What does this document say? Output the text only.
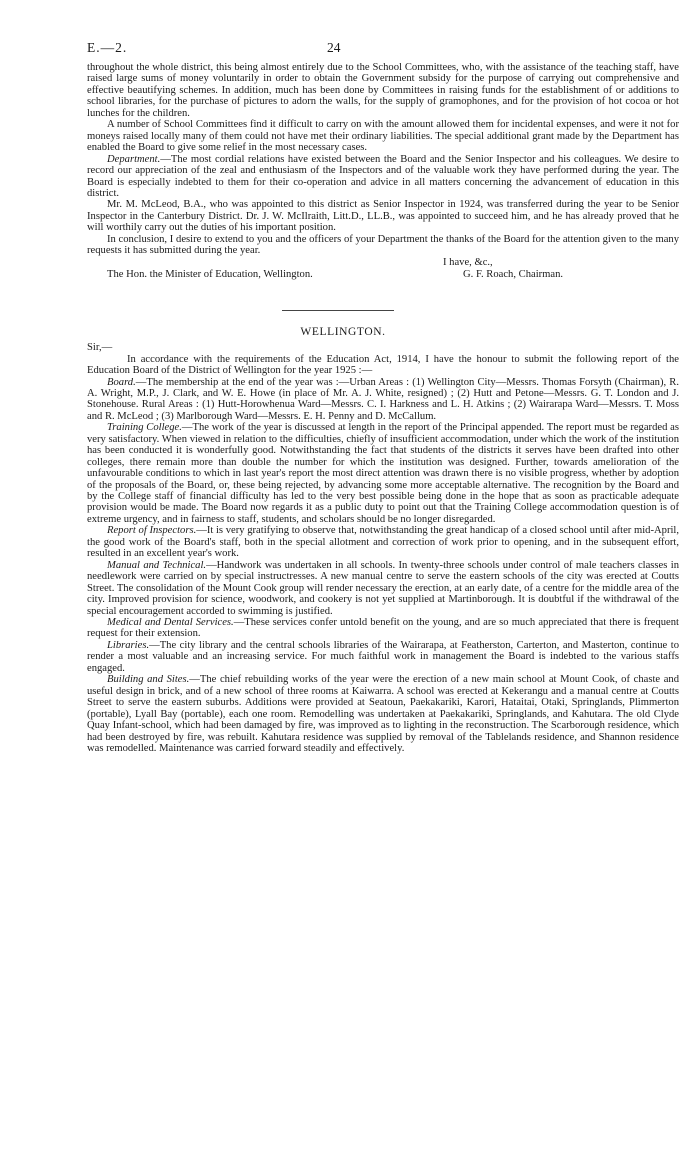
E.—2.	24

throughout the whole district, this being almost entirely due to the School Committees, who, with the assistance of the teaching staff, have raised large sums of money voluntarily in order to obtain the Government subsidy for the purpose of carrying out comprehensive and effective beautifying schemes. In addition, much has been done by Committees in raising funds for the establishment of or additions to school libraries, for the purchase of pictures to adorn the walls, for the supply of gramophones, and for the provision of hot cocoa or hot lunches for the children.

A number of School Committees find it difficult to carry on with the amount allowed them for incidental expenses, and were it not for moneys raised locally many of them could not have met their ordinary liabilities. The special additional grant made by the Department has enabled the Board to give some relief in the most necessary cases.

Department.—The most cordial relations have existed between the Board and the Senior Inspector and his colleagues. We desire to record our appreciation of the zeal and enthusiasm of the Inspectors and of the valuable work they have performed during the year. The Board is especially indebted to them for their co-operation and advice in all matters concerning the advancement of education in this district.

Mr. M. McLeod, B.A., who was appointed to this district as Senior Inspector in 1924, was transferred during the year to be Senior Inspector in the Canterbury District. Dr. J. W. McIlraith, Litt.D., LL.B., was appointed to succeed him, and he has already proved that he will worthily carry out the duties of his important position.

In conclusion, I desire to extend to you and the officers of your Department the thanks of the Board for the attention given to the many requests it has submitted during the year.

I have, &c.,
The Hon. the Minister of Education, Wellington.	G. F. Roach, Chairman.
WELLINGTON.
Sir,—

In accordance with the requirements of the Education Act, 1914, I have the honour to submit the following report of the Education Board of the District of Wellington for the year 1925 :—

Board.—The membership at the end of the year was :—Urban Areas : (1) Wellington City—Messrs. Thomas Forsyth (Chairman), R. A. Wright, M.P., J. Clark, and W. E. Howe (in place of Mr. A. J. White, resigned) ; (2) Hutt and Petone—Messrs. G. T. London and J. Stonehouse. Rural Areas : (1) Hutt-Horowhenua Ward—Messrs. C. I. Harkness and L. H. Atkins ; (2) Wairarapa Ward—Messrs. T. Moss and R. McLeod ; (3) Marlborough Ward—Messrs. E. H. Penny and D. McCallum.

Training College.—The work of the year is discussed at length in the report of the Principal appended. The report must be regarded as very satisfactory. When viewed in relation to the difficulties, chiefly of insufficient accommodation, under which the work of the institution has been conducted it is wonderfully good. Notwithstanding the fact that students of the districts it serves have been drafted into other colleges, there remain more than double the number for which the institution was designed. Further, towards amelioration of the unfavourable conditions to which in last year's report the most direct attention was drawn there is no visible progress, whether by adoption of the proposals of the Board, or, these being rejected, by advancing some more acceptable alternative. The recognition by the Board and by the College staff of financial difficulty has led to the very best possible being done in the hope that as soon as practicable adequate provision would be made. The Board now regards it as a public duty to point out that the Training College accommodation question is of extreme urgency, and in fairness to staff, students, and scholars should be no longer disregarded.

Report of Inspectors.—It is very gratifying to observe that, notwithstanding the great handicap of a closed school until after mid-April, the good work of the Board's staff, both in the special allotment and correction of work prior to opening, and in the subsequent effort, resulted in an excellent year's work.

Manual and Technical.—Handwork was undertaken in all schools. In twenty-three schools under control of male teachers classes in needlework were carried on by special instructresses. A new manual centre to serve the eastern schools of the city was erected at Coutts Street. The consolidation of the Mount Cook group will render necessary the erection, at an early date, of a centre for the middle area of the city. Improved provision for science, woodwork, and cookery is not yet supplied at Martinborough. It is doubtful if the withdrawal of the special encouragement accorded to swimming is justified.

Medical and Dental Services.—These services confer untold benefit on the young, and are so much appreciated that there is frequent request for their extension.

Libraries.—The city library and the central schools libraries of the Wairarapa, at Featherston, Carterton, and Masterton, continue to render a most valuable and an increasing service. For much faithful work in management the Board is indebted to the various staffs engaged.

Building and Sites.—The chief rebuilding works of the year were the erection of a new main school at Mount Cook, of chaste and useful design in brick, and of a new school of three rooms at Kaiwarra. A school was erected at Kekerangu and a manual centre at Coutts Street to serve the eastern suburbs. Additions were provided at Seatoun, Paekakariki, Karori, Hataitai, Otaki, Springlands, Plimmerton (portable), Lyall Bay (portable), each one room. Remodelling was undertaken at Paekakariki, Springlands, and Kahutara. The old Clyde Quay Infant-school, which had been damaged by fire, was improved as to lighting in the reconstruction. The Scarborough residence, which had been destroyed by fire, was rebuilt. Kahutara residence was supplied by removal of the Tablelands residence, and Shannon residence was remodelled. Maintenance was carried forward steadily and effectively.
